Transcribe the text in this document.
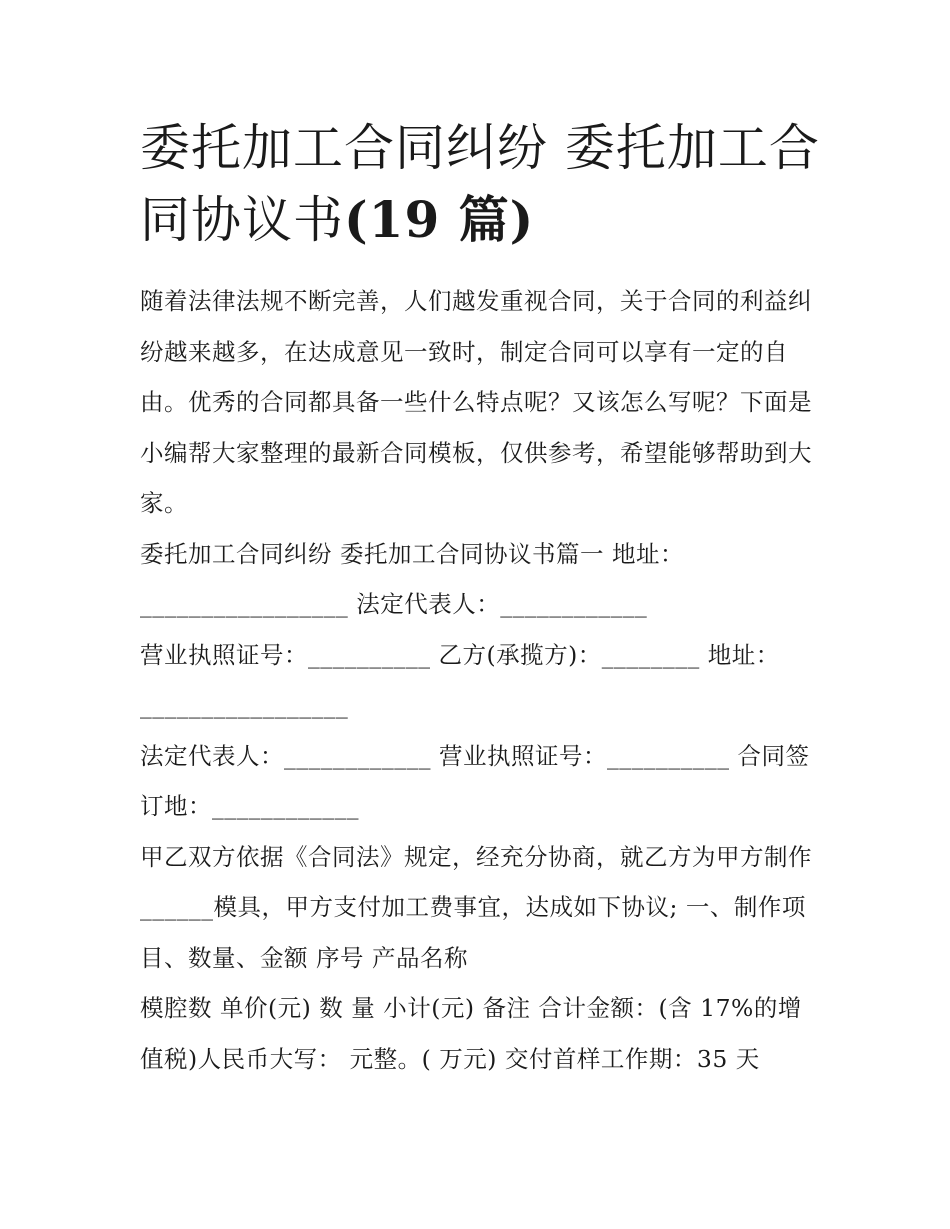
委托加工合同纠纷 委托加工合同协议书(19 篇)

随着法律法规不断完善，人们越发重视合同，关于合同的利益纠纷越来越多，在达成意见一致时，制定合同可以享有一定的自由。优秀的合同都具备一些什么特点呢？又该怎么写呢？下面是小编帮大家整理的最新合同模板，仅供参考，希望能够帮助到大家。

委托加工合同纠纷 委托加工合同协议书篇一 地址：

_________________ 法定代表人：____________

营业执照证号：__________ 乙方(承揽方)：________ 地址：_________________

法定代表人：____________ 营业执照证号：__________ 合同签订地：____________

甲乙双方依据《合同法》规定，经充分协商，就乙方为甲方制作______模具，甲方支付加工费事宜，达成如下协议; 一、制作项目、数量、金额 序号 产品名称

模腔数 单价(元) 数 量 小计(元) 备注 合计金额：(含 17%的增值税)人民币大写： 元整。( 万元) 交付首样工作期：35 天
